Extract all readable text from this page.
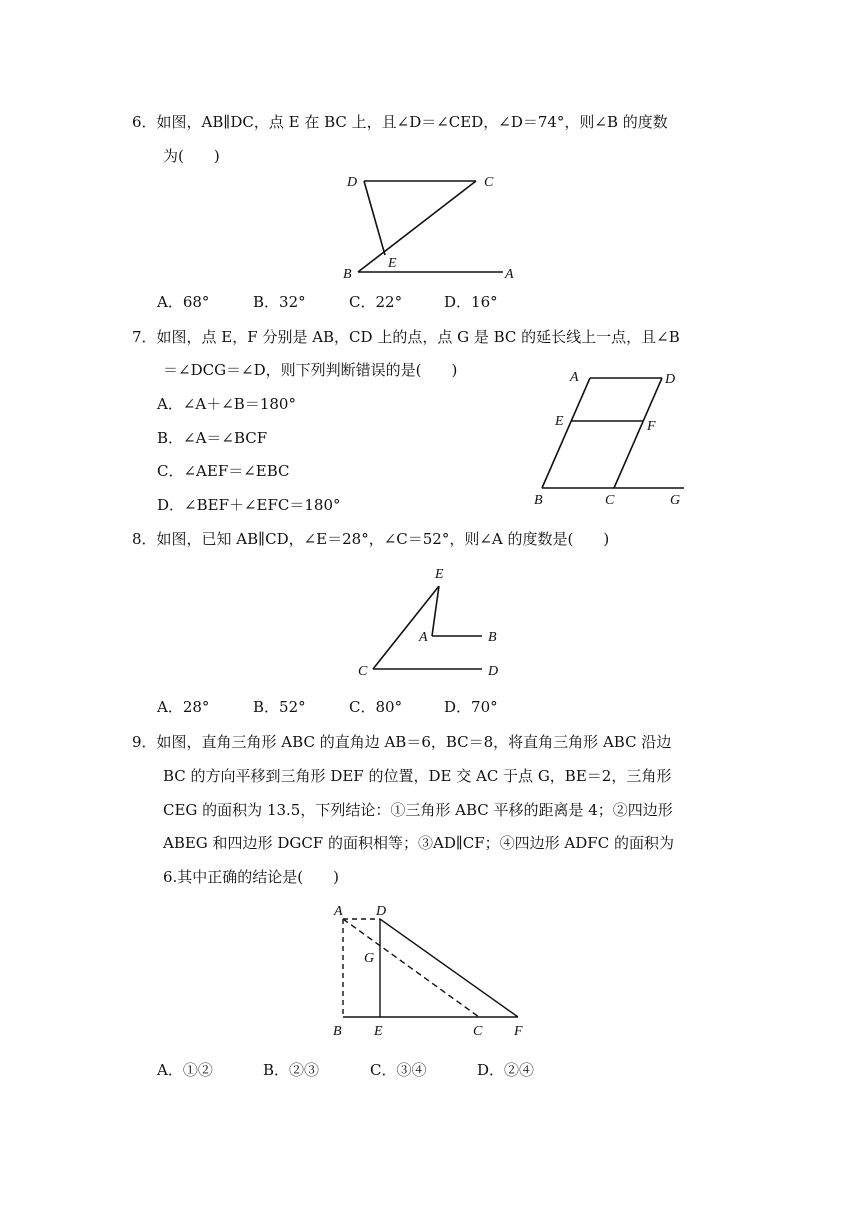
6．如图，AB∥DC，点 E 在 BC 上，且∠D＝∠CED，∠D＝74°，则∠B 的度数
为(　　)
D	C
E
B	A
A．68°	B．32°	C．22°	D．16°
7．如图，点 E，F 分别是 AB，CD 上的点，点 G 是 BC 的延长线上一点，且∠B
＝∠DCG＝∠D，则下列判断错误的是(　　)
A．∠A＋∠B＝180°
B．∠A＝∠BCF
C．∠AEF＝∠EBC
D．∠BEF＋∠EFC＝180°
A	D
E	F
B	C	G
8．如图，已知 AB∥CD，∠E＝28°，∠C＝52°，则∠A 的度数是(　　)
E
A	B
C	D
A．28°	B．52°	C．80°	D．70°
9．如图，直角三角形 ABC 的直角边 AB＝6，BC＝8，将直角三角形 ABC 沿边
BC 的方向平移到三角形 DEF 的位置，DE 交 AC 于点 G，BE＝2，三角形
CEG 的面积为 13.5，下列结论：①三角形 ABC 平移的距离是 4；②四边形
ABEG 和四边形 DGCF 的面积相等；③AD∥CF；④四边形 ADFC 的面积为
6.其中正确的结论是(　　)
A D
G
B E	C F
A．①②	B．②③	C．③④	D．②④
